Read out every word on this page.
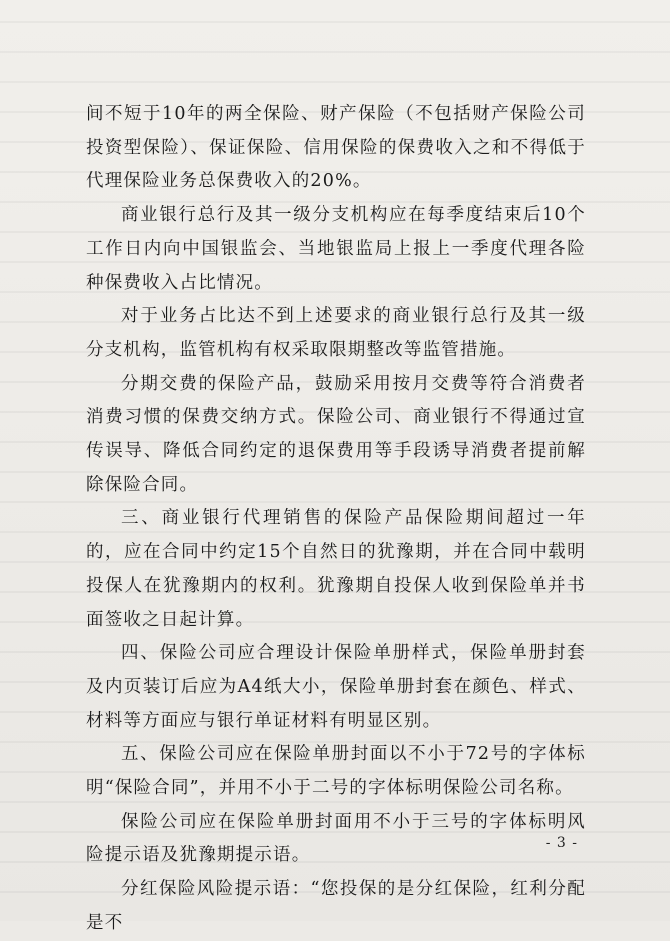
间不短于10年的两全保险、财产保险（不包括财产保险公司投资型保险）、保证保险、信用保险的保费收入之和不得低于代理保险业务总保费收入的20%。

商业银行总行及其一级分支机构应在每季度结束后10个工作日内向中国银监会、当地银监局上报上一季度代理各险种保费收入占比情况。

对于业务占比达不到上述要求的商业银行总行及其一级分支机构，监管机构有权采取限期整改等监管措施。

分期交费的保险产品，鼓励采用按月交费等符合消费者消费习惯的保费交纳方式。保险公司、商业银行不得通过宣传误导、降低合同约定的退保费用等手段诱导消费者提前解除保险合同。

三、商业银行代理销售的保险产品保险期间超过一年的，应在合同中约定15个自然日的犹豫期，并在合同中载明投保人在犹豫期内的权利。犹豫期自投保人收到保险单并书面签收之日起计算。

四、保险公司应合理设计保险单册样式，保险单册封套及内页装订后应为A4纸大小，保险单册封套在颜色、样式、材料等方面应与银行单证材料有明显区别。

五、保险公司应在保险单册封面以不小于72号的字体标明“保险合同”，并用不小于二号的字体标明保险公司名称。

保险公司应在保险单册封面用不小于三号的字体标明风险提示语及犹豫期提示语。

分红保险风险提示语：“您投保的是分红保险，红利分配是不

- 3 -
